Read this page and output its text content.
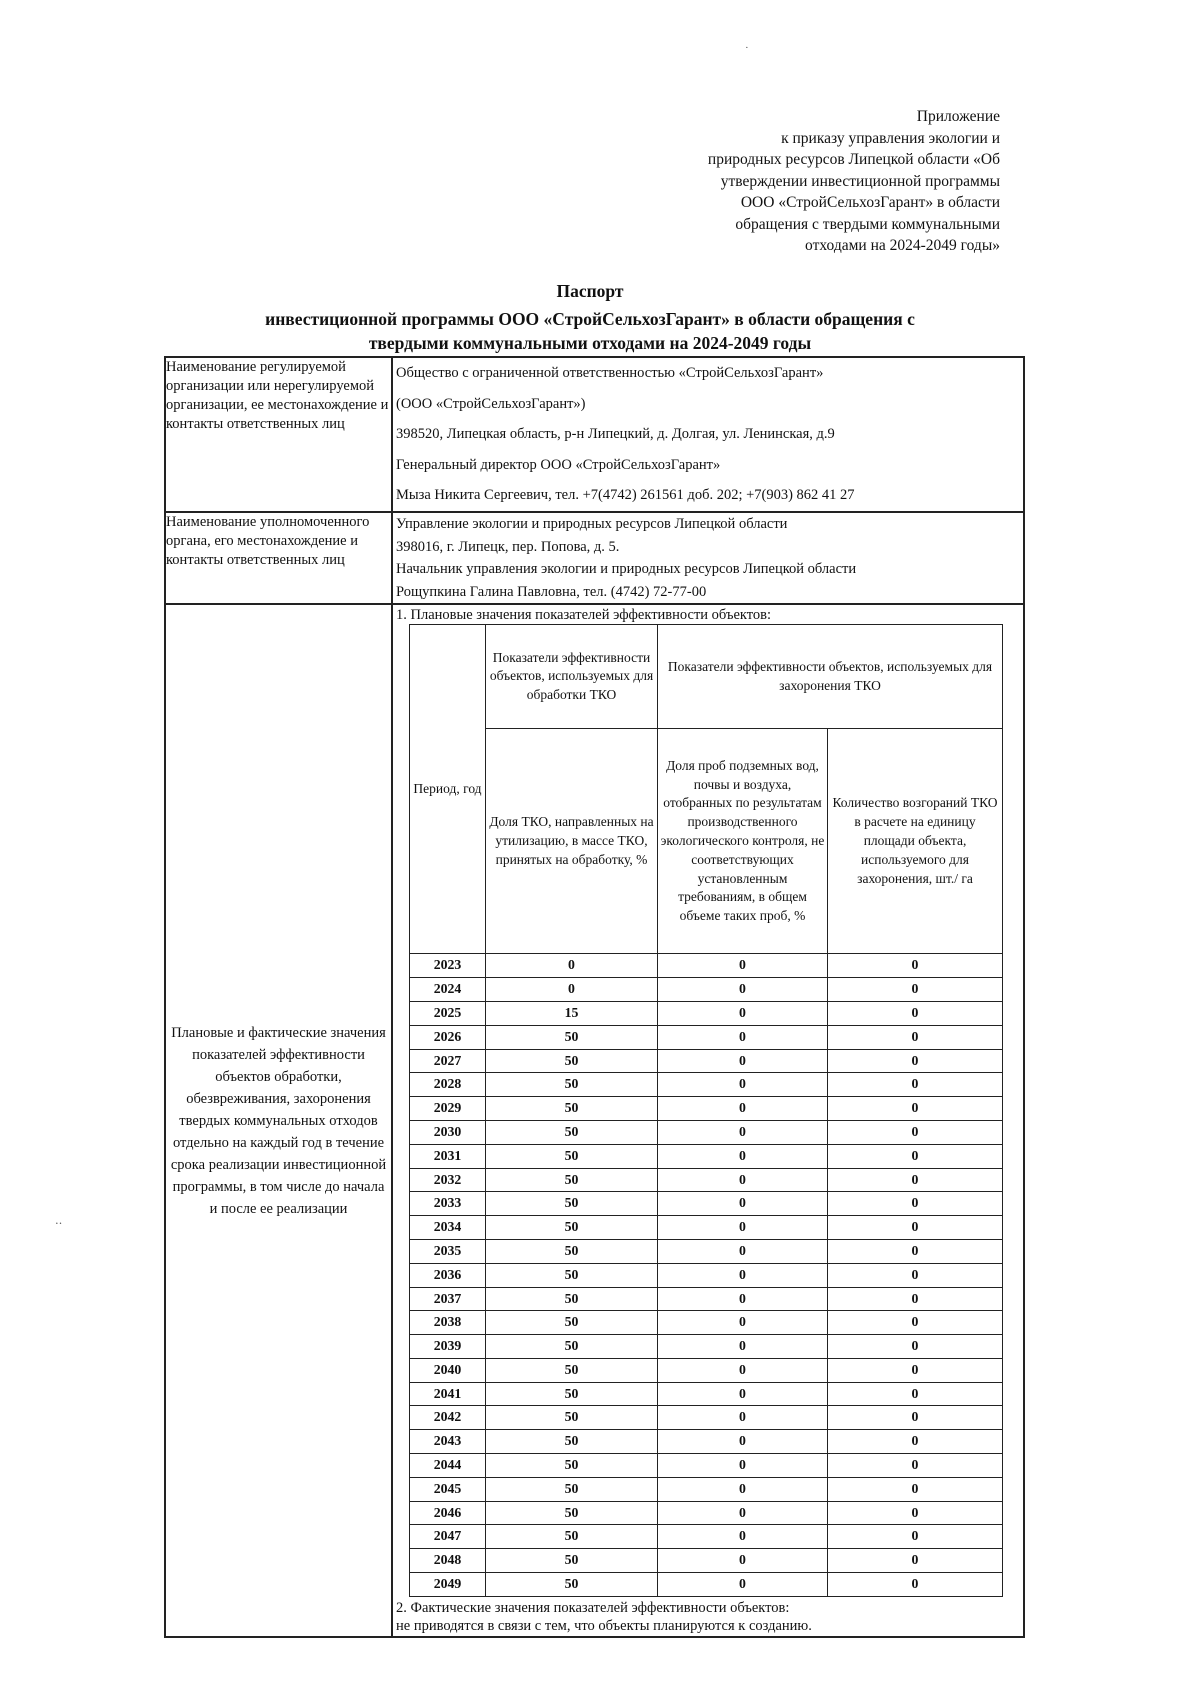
Приложение
к приказу управления экологии и
природных ресурсов Липецкой области «Об
утверждении инвестиционной программы
ООО «СтройСельхозГарант» в области
обращения с твердыми коммунальными
отходами на 2024-2049 годы»
Паспорт
инвестиционной программы ООО «СтройСельхозГарант» в области обращения с
твердыми коммунальными отходами на 2024-2049 годы
Наименование регулируемой организации или нерегулируемой организации, ее местонахождение и контакты ответственных лиц	
Общество с ограниченной ответственностью «СтройСельхозГарант»
(ООО «СтройСельхозГарант»)
398520, Липецкая область, р-н Липецкий, д. Долгая, ул. Ленинская, д.9
Генеральный директор ООО «СтройСельхозГарант»
Мыза Никита Сергеевич, тел. +7(4742) 261561 доб. 202; +7(903) 862 41 27

Наименование уполномоченного органа, его местонахождение и контакты ответственных лиц	
Управление экологии и природных ресурсов Липецкой области
398016, г. Липецк, пер. Попова, д. 5.
Начальник управления экологии и природных ресурсов Липецкой области
Рощупкина Галина Павловна, тел. (4742) 72-77-00

Плановые и фактические значения показателей эффективности объектов обработки, обезвреживания, захоронения твердых коммунальных отходов отдельно на каждый год в течение срока реализации инвестиционной программы, в том числе до начала и после ее реализации	
1. Плановые значения показателей эффективности объектов:
Период, год	Показатели эффективности объектов, используемых для обработки ТКО	Показатели эффективности объектов, используемых для захоронения ТКО
Доля ТКО, направленных на утилизацию, в массе ТКО, принятых на обработку, %	Доля проб подземных вод, почвы и воздуха, отобранных по результатам производственного экологического контроля, не соответствующих установленным требованиям, в общем объеме таких проб, %	Количество возгораний ТКО в расчете на единицу площади объекта, используемого для захоронения, шт./ га
2023	0	0	0
2024	0	0	0
2025	15	0	0
2026	50	0	0
2027	50	0	0
2028	50	0	0
2029	50	0	0
2030	50	0	0
2031	50	0	0
2032	50	0	0
2033	50	0	0
2034	50	0	0
2035	50	0	0
2036	50	0	0
2037	50	0	0
2038	50	0	0
2039	50	0	0
2040	50	0	0
2041	50	0	0
2042	50	0	0
2043	50	0	0
2044	50	0	0
2045	50	0	0
2046	50	0	0
2047	50	0	0
2048	50	0	0
2049	50	0	0
2. Фактические значения показателей эффективности объектов:
не приводятся в связи с тем, что объекты планируются к созданию.
·
‥
